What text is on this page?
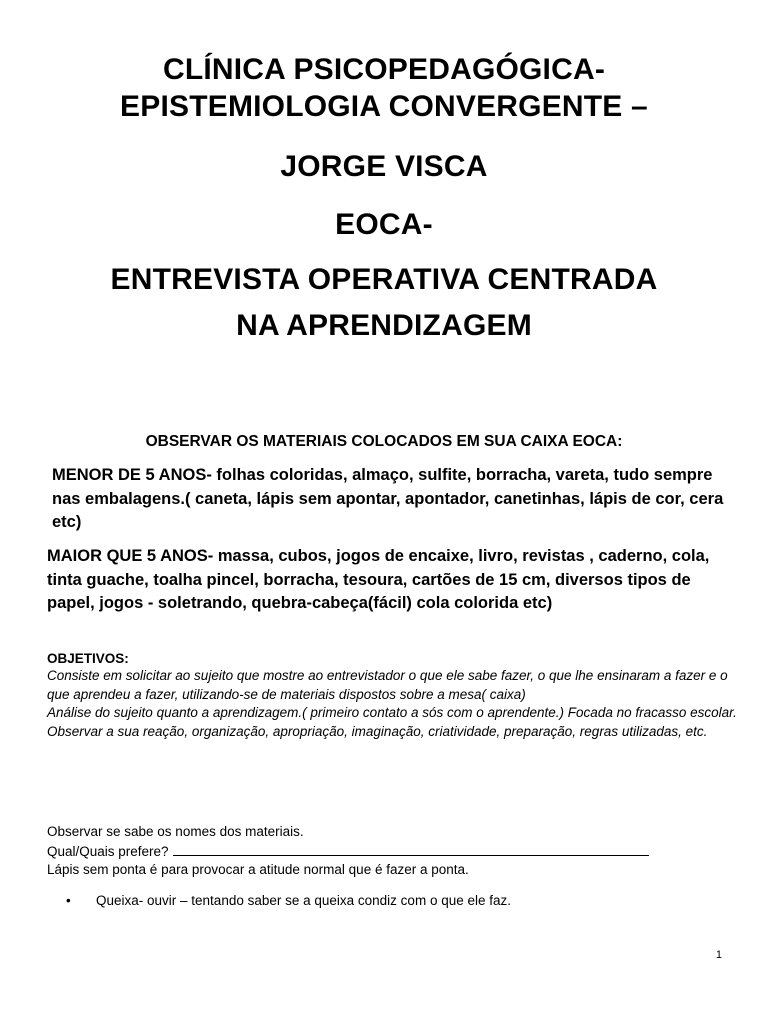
CLÍNICA PSICOPEDAGÓGICA-
EPISTEMIOLOGIA CONVERGENTE –
JORGE VISCA
EOCA-
ENTREVISTA OPERATIVA CENTRADA
NA APRENDIZAGEM
OBSERVAR OS MATERIAIS COLOCADOS EM SUA CAIXA EOCA:
MENOR DE 5 ANOS- folhas coloridas, almaço, sulfite, borracha, vareta, tudo sempre nas embalagens.( caneta, lápis sem apontar, apontador, canetinhas, lápis de cor, cera etc)
MAIOR QUE 5 ANOS- massa, cubos, jogos de encaixe, livro, revistas , caderno, cola, tinta guache, toalha pincel, borracha, tesoura, cartões de 15 cm, diversos tipos de papel, jogos - soletrando, quebra-cabeça(fácil) cola colorida etc)
OBJETIVOS:

Consiste em solicitar ao sujeito que mostre ao entrevistador o que ele sabe fazer, o que lhe ensinaram a fazer e o que aprendeu a fazer, utilizando-se de materiais dispostos sobre a mesa( caixa)

Análise do sujeito quanto a aprendizagem.( primeiro contato a sós com o aprendente.) Focada no fracasso escolar.

Observar a sua reação, organização, apropriação, imaginação, criatividade, preparação, regras utilizadas, etc.

Observar se sabe os nomes dos materiais.
Qual/Quais prefere?
Lápis sem ponta é para provocar a atitude normal que é fazer a ponta.
• Queixa- ouvir – tentando saber se a queixa condiz com o que ele faz.
1
